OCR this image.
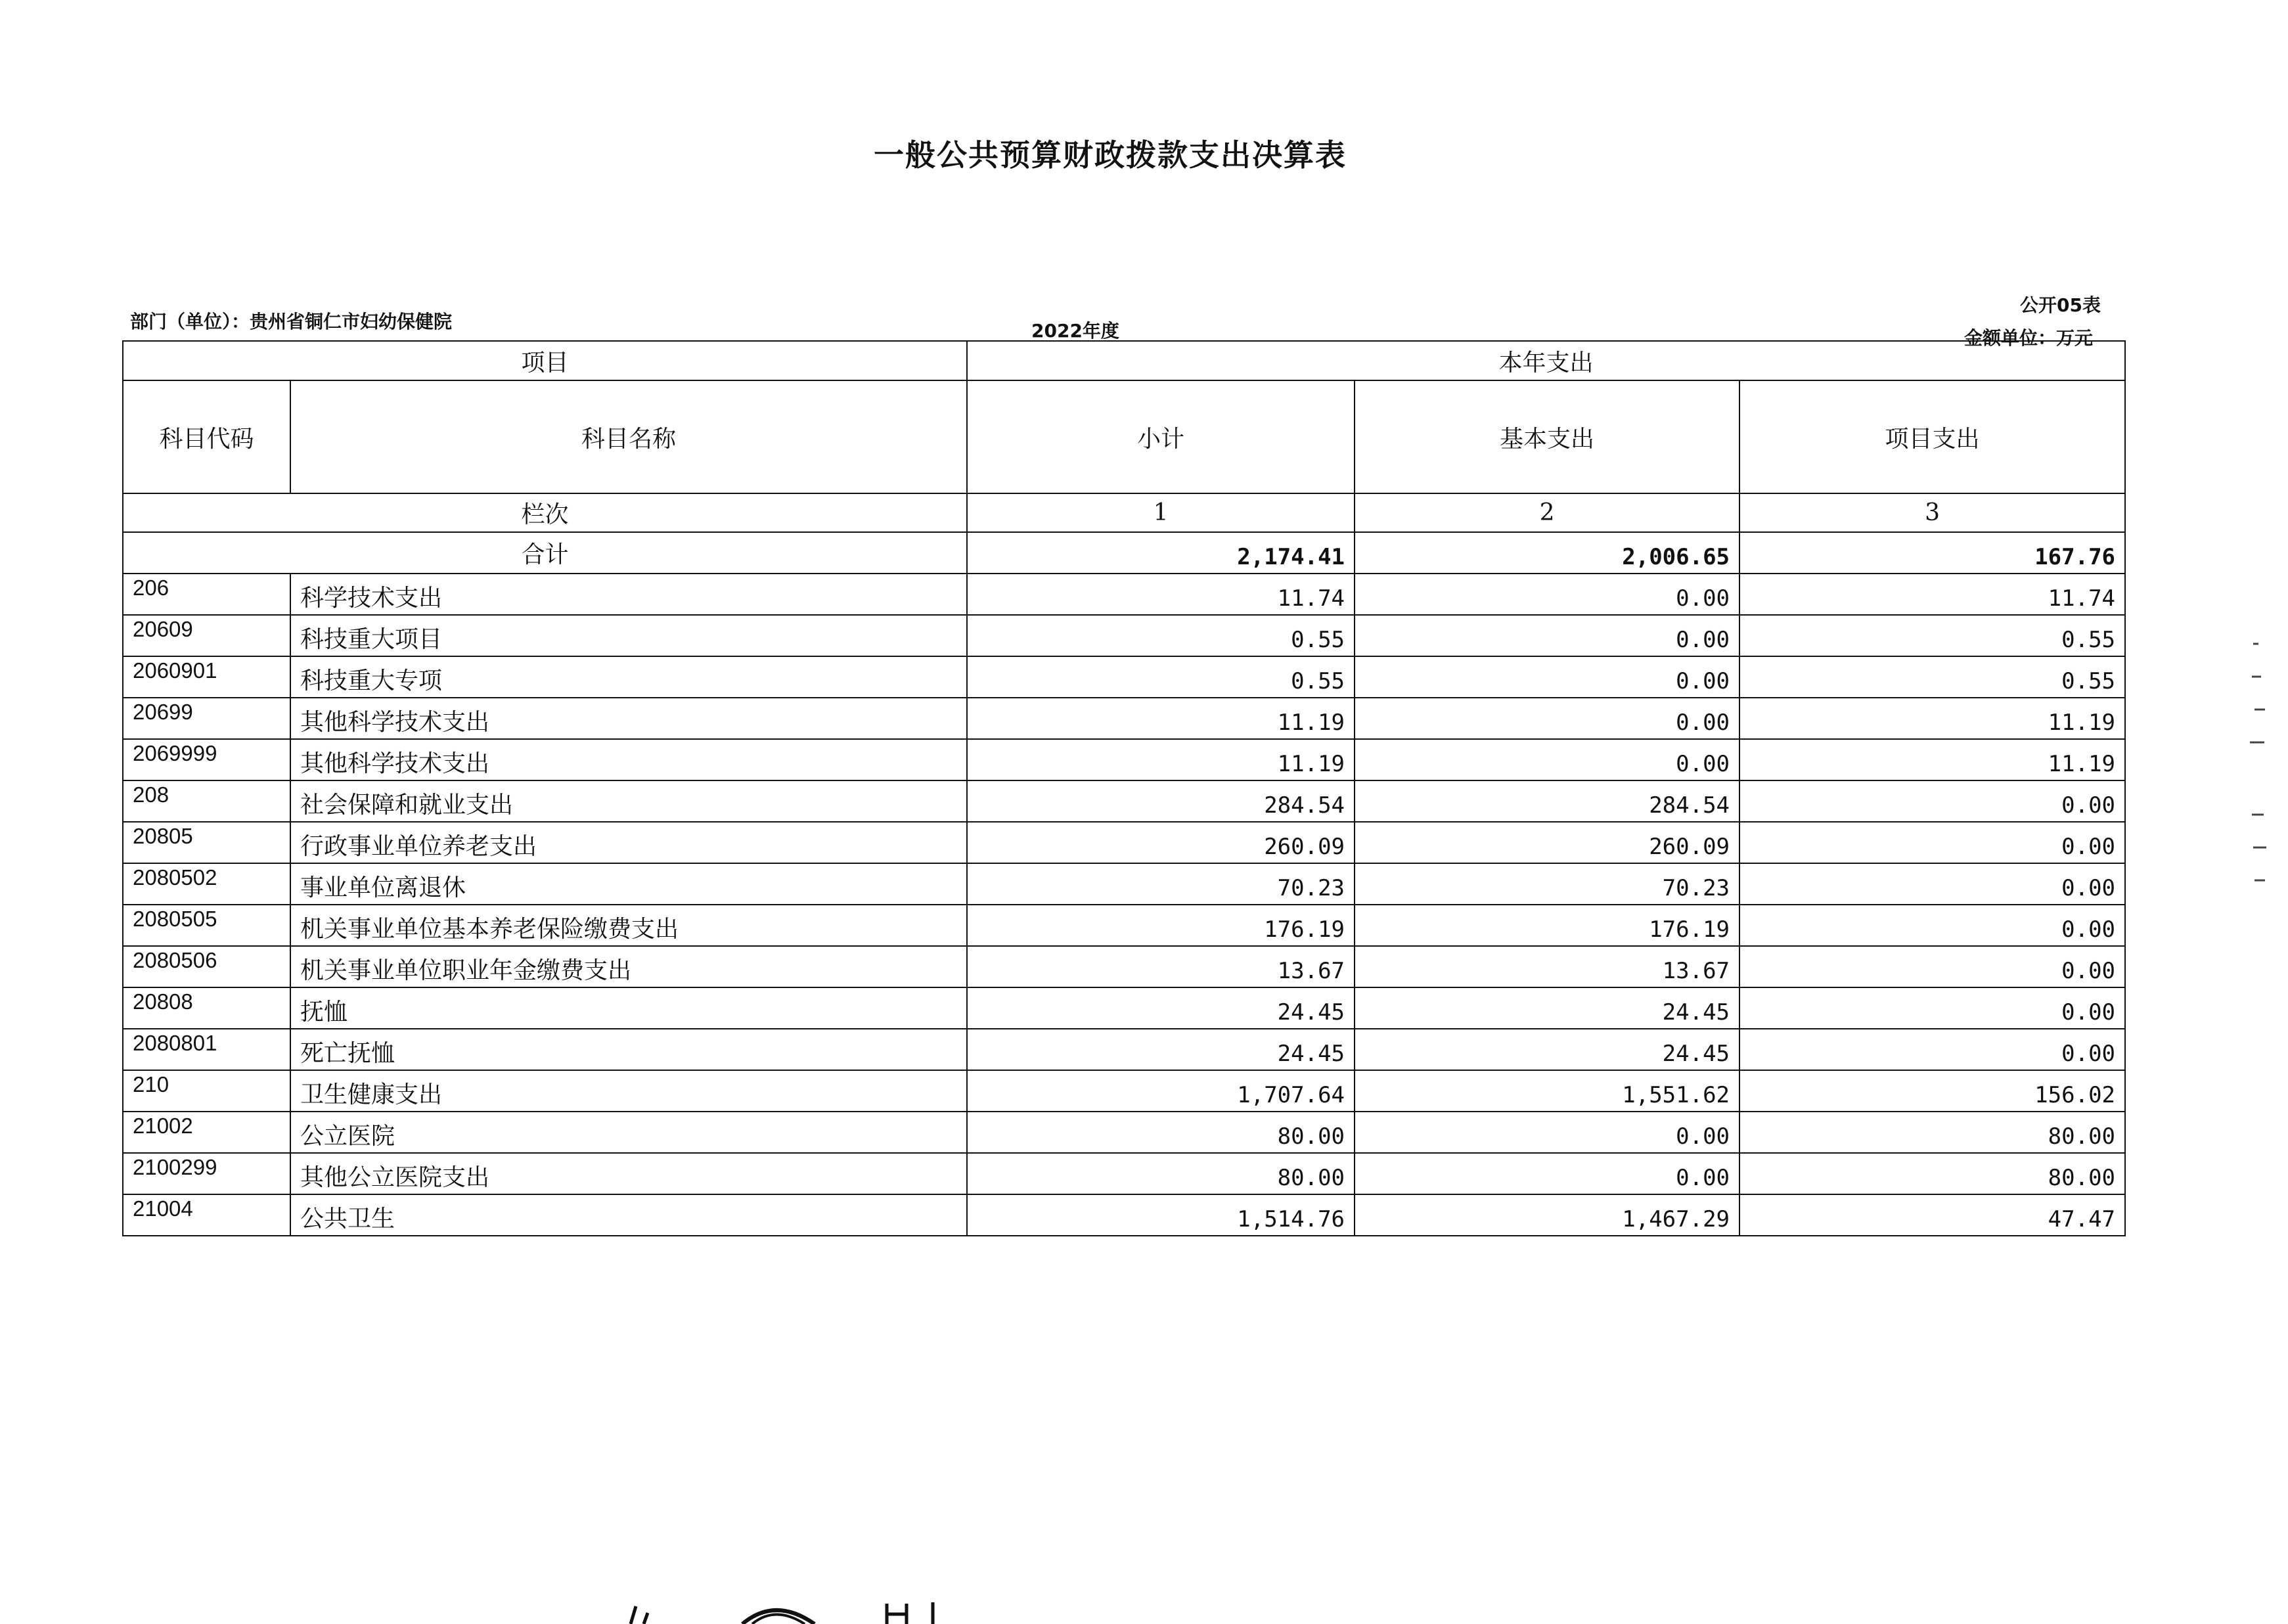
一般公共预算财政拨款支出决算表
公开05表
部门（单位）：贵州省铜仁市妇幼保健院	2022年度	金额单位：万元
项目		本年支出		
科目代码	科目名称	小计	基本支出	项目支出
栏次		1	2	3
合计		2,174.41	2,006.65	167.76
206	科学技术支出	11.74	0.00	11.74
20609	科技重大项目	0.55	0.00	0.55
2060901	科技重大专项	0.55	0.00	0.55
20699	其他科学技术支出	11.19	0.00	11.19
2069999	其他科学技术支出	11.19	0.00	11.19
208	社会保障和就业支出	284.54	284.54	0.00
20805	行政事业单位养老支出	260.09	260.09	0.00
2080502	事业单位离退休	70.23	70.23	0.00
2080505	机关事业单位基本养老保险缴费支出	176.19	176.19	0.00
2080506	机关事业单位职业年金缴费支出	13.67	13.67	0.00
20808	抚恤	24.45	24.45	0.00
2080801	死亡抚恤	24.45	24.45	0.00
210	卫生健康支出	1,707.64	1,551.62	156.02
21002	公立医院	80.00	0.00	80.00
2100299	其他公立医院支出	80.00	0.00	80.00
21004	公共卫生	1,514.76	1,467.29	47.47
